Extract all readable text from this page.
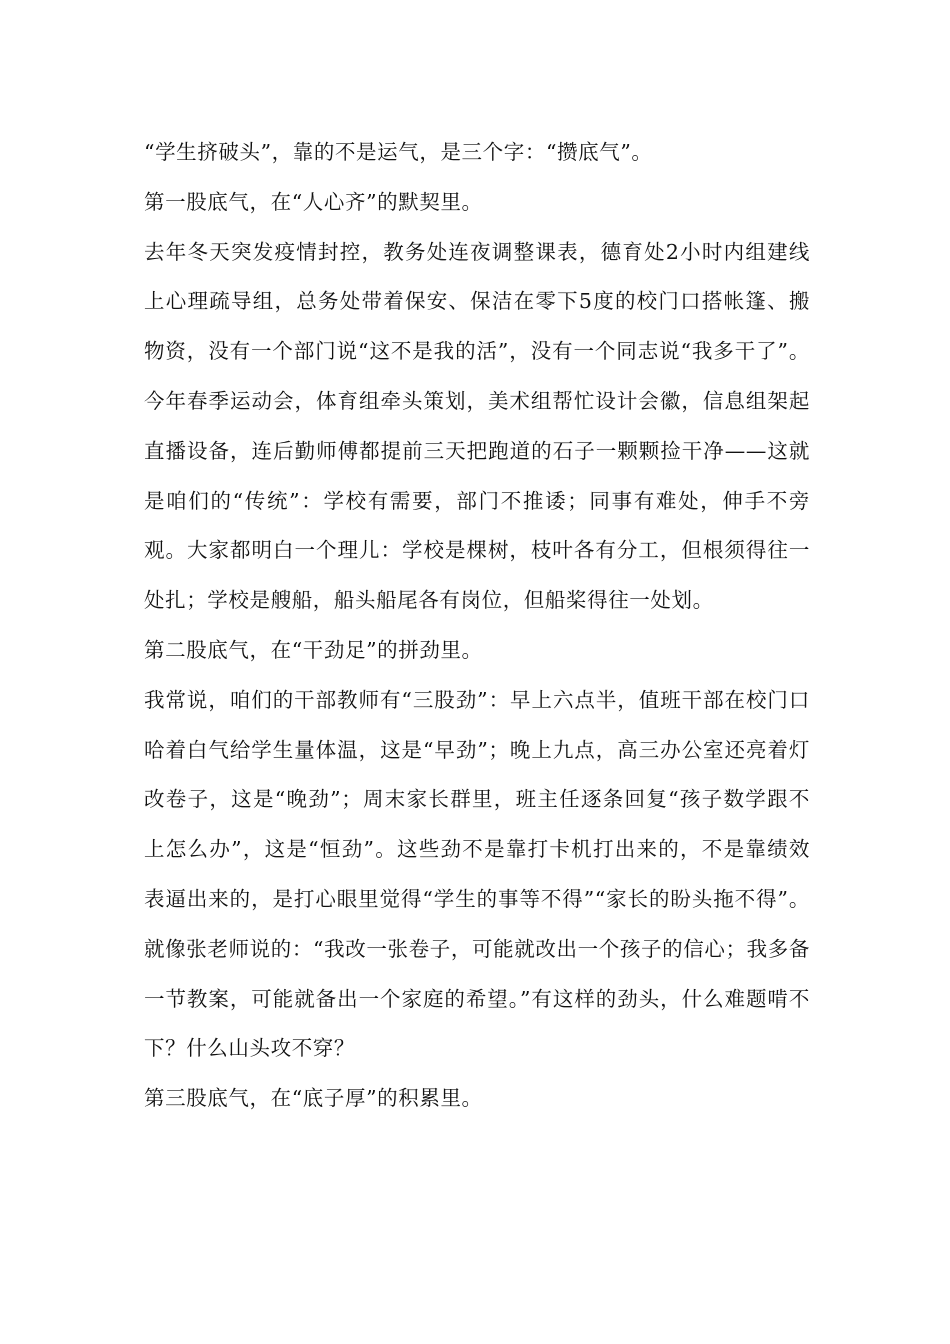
“学生挤破头”，靠的不是运气，是三个字：“攒底气”。

第一股底气，在“人心齐”的默契里。

去年冬天突发疫情封控，教务处连夜调整课表，德育处2小时内组建线上心理疏导组，总务处带着保安、保洁在零下5度的校门口搭帐篷、搬物资，没有一个部门说“这不是我的活”，没有一个同志说“我多干了”。今年春季运动会，体育组牵头策划，美术组帮忙设计会徽，信息组架起直播设备，连后勤师傅都提前三天把跑道的石子一颗颗捡干净——这就是咱们的“传统”：学校有需要，部门不推诿；同事有难处，伸手不旁观。大家都明白一个理儿：学校是棵树，枝叶各有分工，但根须得往一处扎；学校是艘船，船头船尾各有岗位，但船桨得往一处划。

第二股底气，在“干劲足”的拼劲里。

我常说，咱们的干部教师有“三股劲”：早上六点半，值班干部在校门口哈着白气给学生量体温，这是“早劲”；晚上九点，高三办公室还亮着灯改卷子，这是“晚劲”；周末家长群里，班主任逐条回复“孩子数学跟不上怎么办”，这是“恒劲”。这些劲不是靠打卡机打出来的，不是靠绩效表逼出来的，是打心眼里觉得“学生的事等不得”“家长的盼头拖不得”。就像张老师说的：“我改一张卷子，可能就改出一个孩子的信心；我多备一节教案，可能就备出一个家庭的希望。”有这样的劲头，什么难题啃不下？什么山头攻不穿？

第三股底气，在“底子厚”的积累里。
